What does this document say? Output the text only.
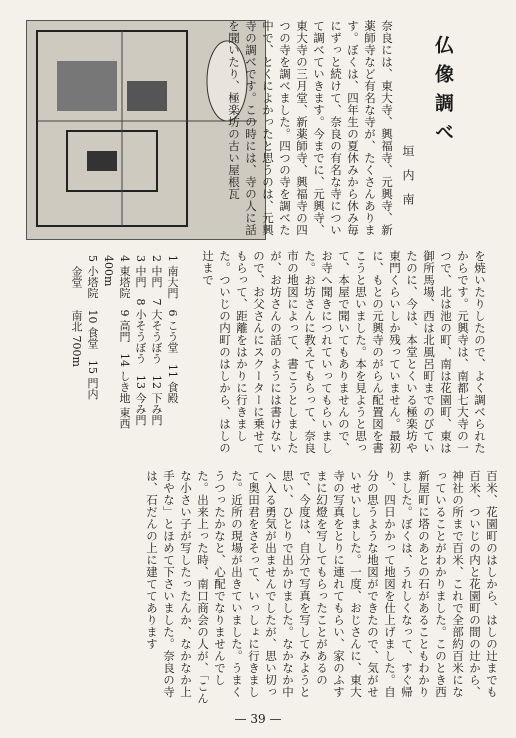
仏像調べ
垣内南
奈良には、東大寺、興福寺、元興寺、新薬師寺など有名な寺が、たくさんあります。ぼくは、四年生の夏休みから休み毎にずっと続けて、奈良の有名な寺について調べていきます。今までに、元興寺、東大寺の三月堂、新薬師寺、興福寺の四つの寺を調べました。四つの寺を調べた中で、とくによかったと思うのは、元興寺の調べです。この時には、寺の人に話を聞いたり、極楽坊の古い屋根瓦
を焼いたりしたので、よく調べられたからです。元興寺は、南都七大寺の一つで、北は池の町、南は花園町、東は御所馬場、西は北風呂町までのびていたのに、今は、本堂とくいる極楽坊や東門くらいしか残っていません。最初に、もとの元興寺のがらん配置図を書こうと思いました。本を見ようと思って、本屋で聞いてもありませんので、お寺へ聞きにつれていってもらいました。お坊さんに教えてもらって、奈良市の地図によって、書こうとしましたが、お坊さんの話のようには書けないので、お父さんにスクーターに乗せてもらって、距離をはかりに行きました。ついじの内町のはしから、はしの辻まで
1 南大門　6 こう堂　11 食殿
2 中門　7 大そうぼう　12 下み門
3 中門　8 小そうぼう　13 今み門
4 東塔院　9 高門　14 しき地 東西 400m
5 小塔院　10 食堂　15 門内
　金堂　　南北 700m
百米、花園町のはしから、はしの辻までも百米、ついじの内と花園町の間の辻から、神社の所まで百米、これで全部約百米になっていることがわかりました。このとき西新屋町に塔のあとの石があることもわかりました。ぼくは、うれしくなって、すぐ帰り、四日かかって地図を仕上げました。自分の思うような地図ができたので、気がせいせいしました。一度、おじさんに、東大寺の写真をとりに連れてもらい、家のふすまに幻燈を写してもらったことがあるので、今度は、自分で写真を写してみようと思い、ひとりで出かけました。なかなか中へ入る勇気が出ませんでしたが、思い切って奥田君をさそって、いっしょに行きました。近所の現場が出きていました。うまくうつったかなと、心配でなりませんでした。出来上った時、南口商会の人が、「こんな小さい子が写したったんか、なかなか上手やな」とほめて下さいました。奈良の寺は、石だんの上に建ててあります
— 39 —
